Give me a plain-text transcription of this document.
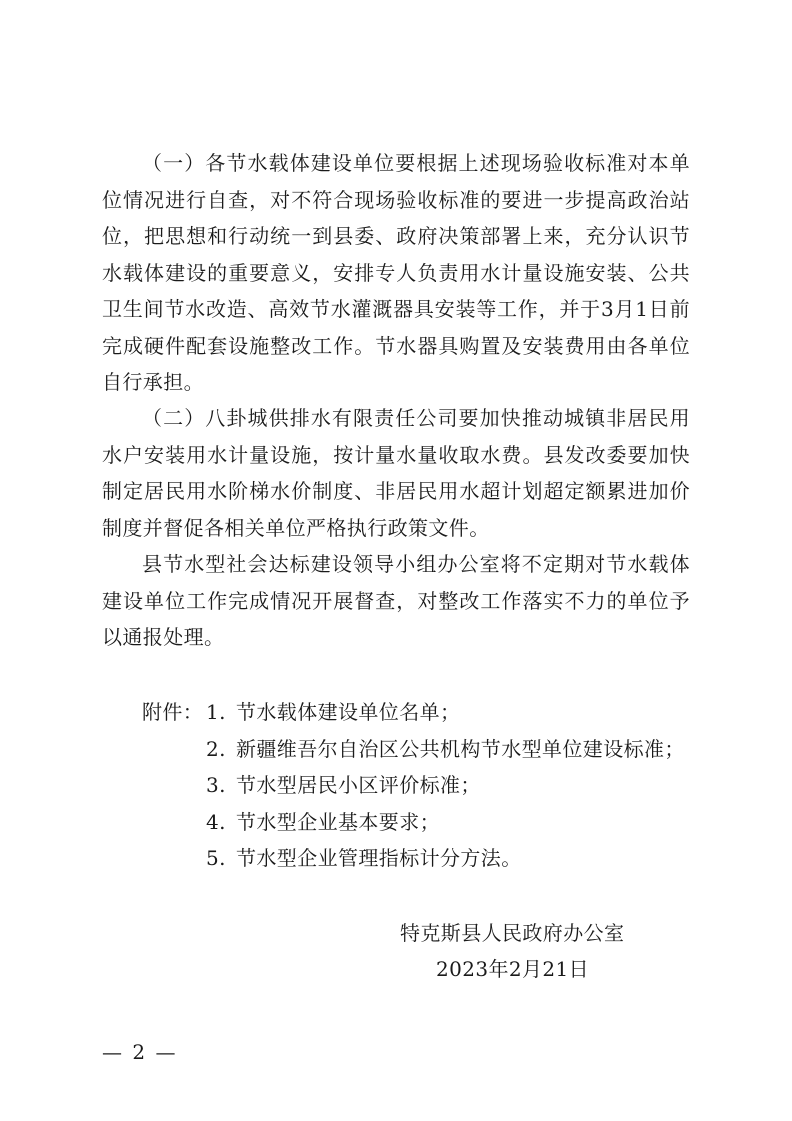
（一）各节水载体建设单位要根据上述现场验收标准对本单位情况进行自查，对不符合现场验收标准的要进一步提高政治站位，把思想和行动统一到县委、政府决策部署上来，充分认识节水载体建设的重要意义，安排专人负责用水计量设施安装、公共卫生间节水改造、高效节水灌溉器具安装等工作，并于3月1日前完成硬件配套设施整改工作。节水器具购置及安装费用由各单位自行承担。

（二）八卦城供排水有限责任公司要加快推动城镇非居民用水户安装用水计量设施，按计量水量收取水费。县发改委要加快制定居民用水阶梯水价制度、非居民用水超计划超定额累进加价制度并督促各相关单位严格执行政策文件。

县节水型社会达标建设领导小组办公室将不定期对节水载体建设单位工作完成情况开展督查，对整改工作落实不力的单位予以通报处理。

附件： 1. 节水载体建设单位名单；
2. 新疆维吾尔自治区公共机构节水型单位建设标准；
3. 节水型居民小区评价标准；
4. 节水型企业基本要求；
5. 节水型企业管理指标计分方法。
特克斯县人民政府办公室
2023年2月21日
— 2 —
